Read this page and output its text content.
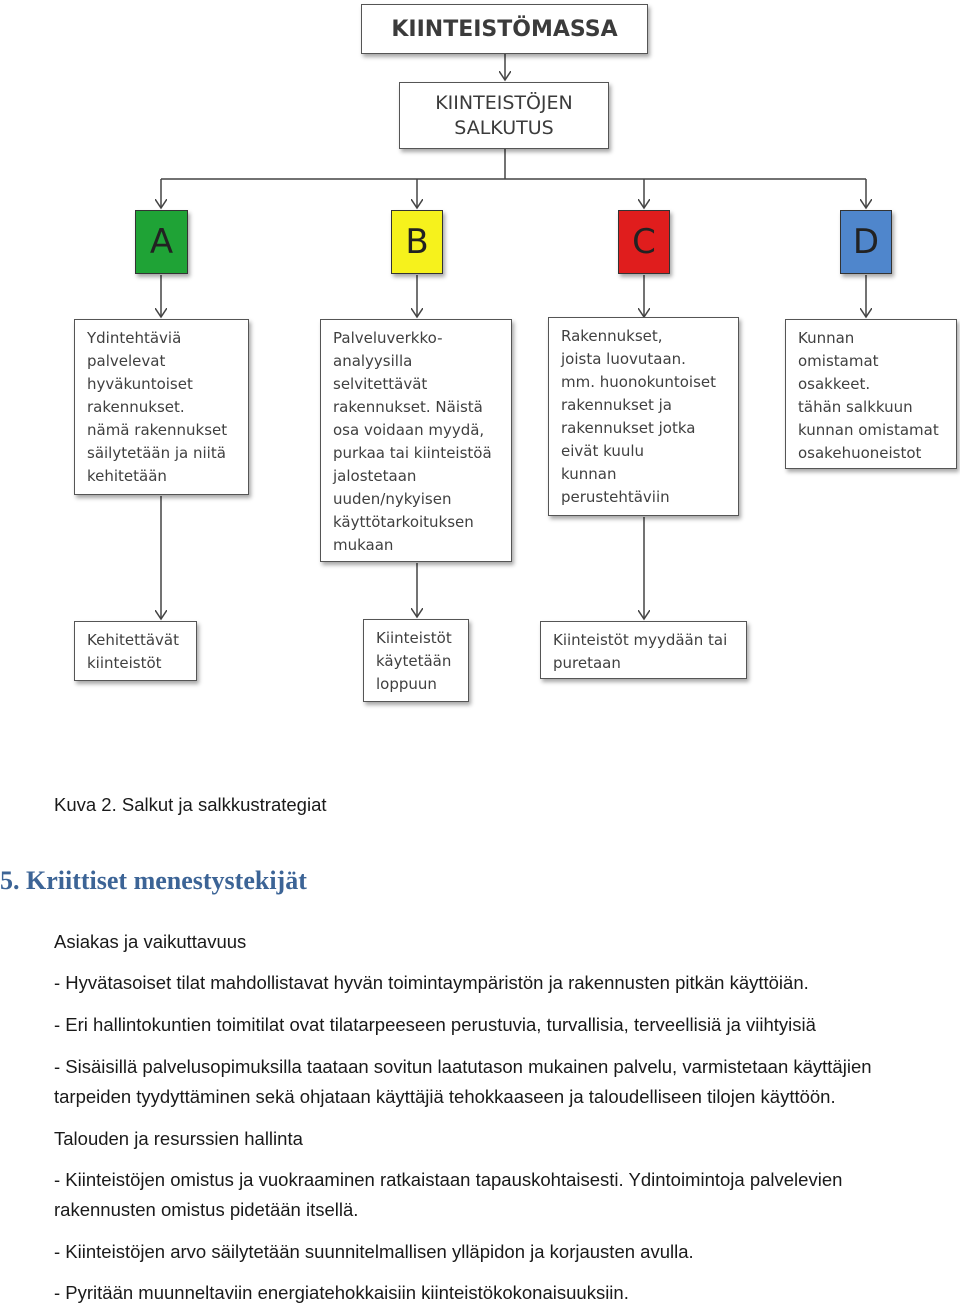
KIINTEISTÖMASSA
KIINTEISTÖJEN
SALKUTUS
A	B	C	D
Ydintehtäviä
palvelevat
hyväkuntoiset
rakennukset.
nämä rakennukset
säilytetään ja niitä
kehitetään
Palveluverkko-
analyysilla
selvitettävät
rakennukset. Näistä
osa voidaan myydä,
purkaa tai kiinteistöä
jalostetaan
uuden/nykyisen
käyttötarkoituksen
mukaan
Rakennukset,
joista luovutaan.
mm. huonokuntoiset
rakennukset ja
rakennukset jotka
eivät kuulu
kunnan
perustehtäviin
Kunnan
omistamat
osakkeet.
tähän salkkuun
kunnan omistamat
osakehuoneistot
Kehitettävät
kiinteistöt
Kiinteistöt
käytetään
loppuun
Kiinteistöt myydään tai
puretaan
Kuva 2. Salkut ja salkkustrategiat
5. Kriittiset menestystekijät
Asiakas ja vaikuttavuus
- Hyvätasoiset tilat mahdollistavat hyvän toimintaympäristön ja rakennusten pitkän käyttöiän.
- Eri hallintokuntien toimitilat ovat tilatarpeeseen perustuvia, turvallisia, terveellisiä ja viihtyisiä
- Sisäisillä palvelusopimuksilla taataan sovitun laatutason mukainen palvelu, varmistetaan käyttäjien tarpeiden tyydyttäminen sekä ohjataan käyttäjiä tehokkaaseen ja taloudelliseen tilojen käyttöön.
Talouden ja resurssien hallinta
- Kiinteistöjen omistus ja vuokraaminen ratkaistaan tapauskohtaisesti. Ydintoimintoja palvelevien rakennusten omistus pidetään itsellä.
- Kiinteistöjen arvo säilytetään suunnitelmallisen ylläpidon ja korjausten avulla.
- Pyritään muunneltaviin energiatehokkaisiin kiinteistökokonaisuuksiin.
